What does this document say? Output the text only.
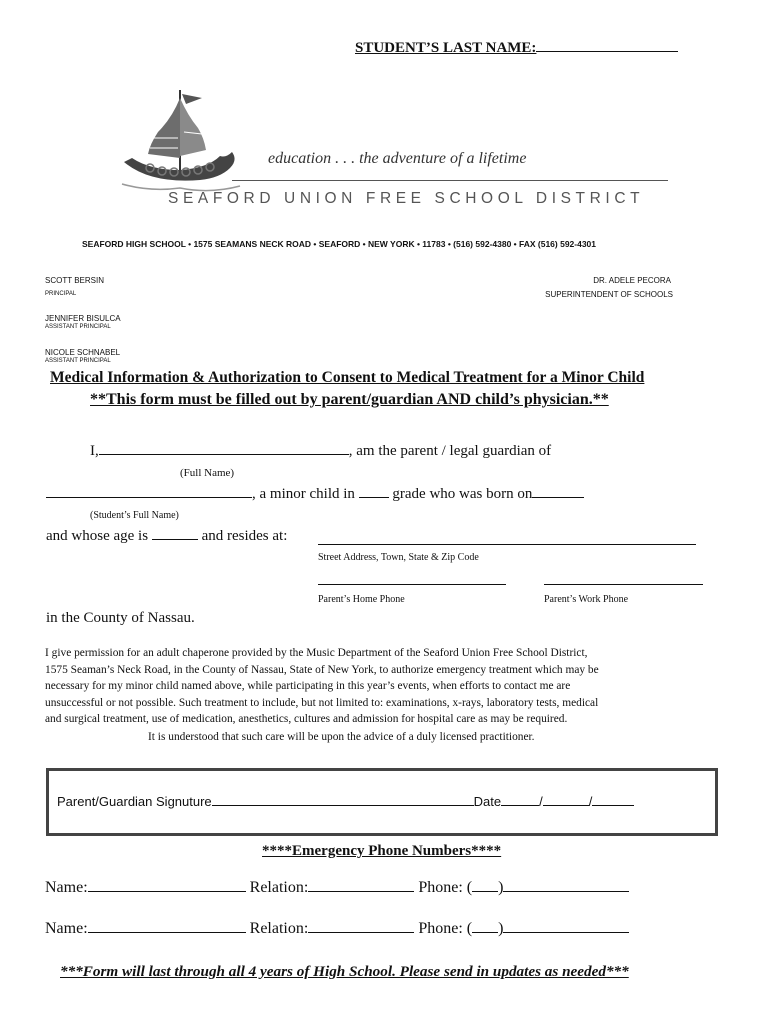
STUDENT’S LAST NAME:
education . . . the adventure of a lifetime
SEAFORD UNION FREE SCHOOL DISTRICT
SEAFORD HIGH SCHOOL • 1575 SEAMANS NECK ROAD • SEAFORD • NEW YORK • 11783 • (516) 592-4380 • FAX (516) 592-4301
SCOTT BERSIN
PRINCIPAL
JENNIFER BISULCA
ASSISTANT PRINCIPAL
NICOLE SCHNABEL
ASSISTANT PRINCIPAL
DR. ADELE PECORA
SUPERINTENDENT OF SCHOOLS
Medical Information & Authorization to Consent to Medical Treatment for a Minor Child
**This form must be filled out by parent/guardian AND child’s physician.**
I,	, am the parent / legal guardian of
(Full Name)
, a minor child in	grade who was born on
(Student’s Full Name)
and whose age is	and resides at:
Street Address, Town, State & Zip Code
Parent’s Home Phone	Parent’s Work Phone
in the County of Nassau.
I give permission for an adult chaperone provided by the Music Department of the Seaford Union Free School District,
1575 Seaman’s Neck Road, in the County of Nassau, State of New York, to authorize emergency treatment which may be
necessary for my minor child named above, while participating in this year’s events, when efforts to contact me are
unsuccessful or not possible. Such treatment to include, but not limited to: examinations, x-rays, laboratory tests, medical
and surgical treatment, use of medication, anesthetics, cultures and admission for hospital care as may be required.
It is understood that such care will be upon the advice of a duly licensed practitioner.
Parent/Guardian Signuture	Date	/	/
****Emergency Phone Numbers****
Name:	Relation:	Phone: ( )
Name:	Relation:	Phone: ( )
***Form will last through all 4 years of High School. Please send in updates as needed***
